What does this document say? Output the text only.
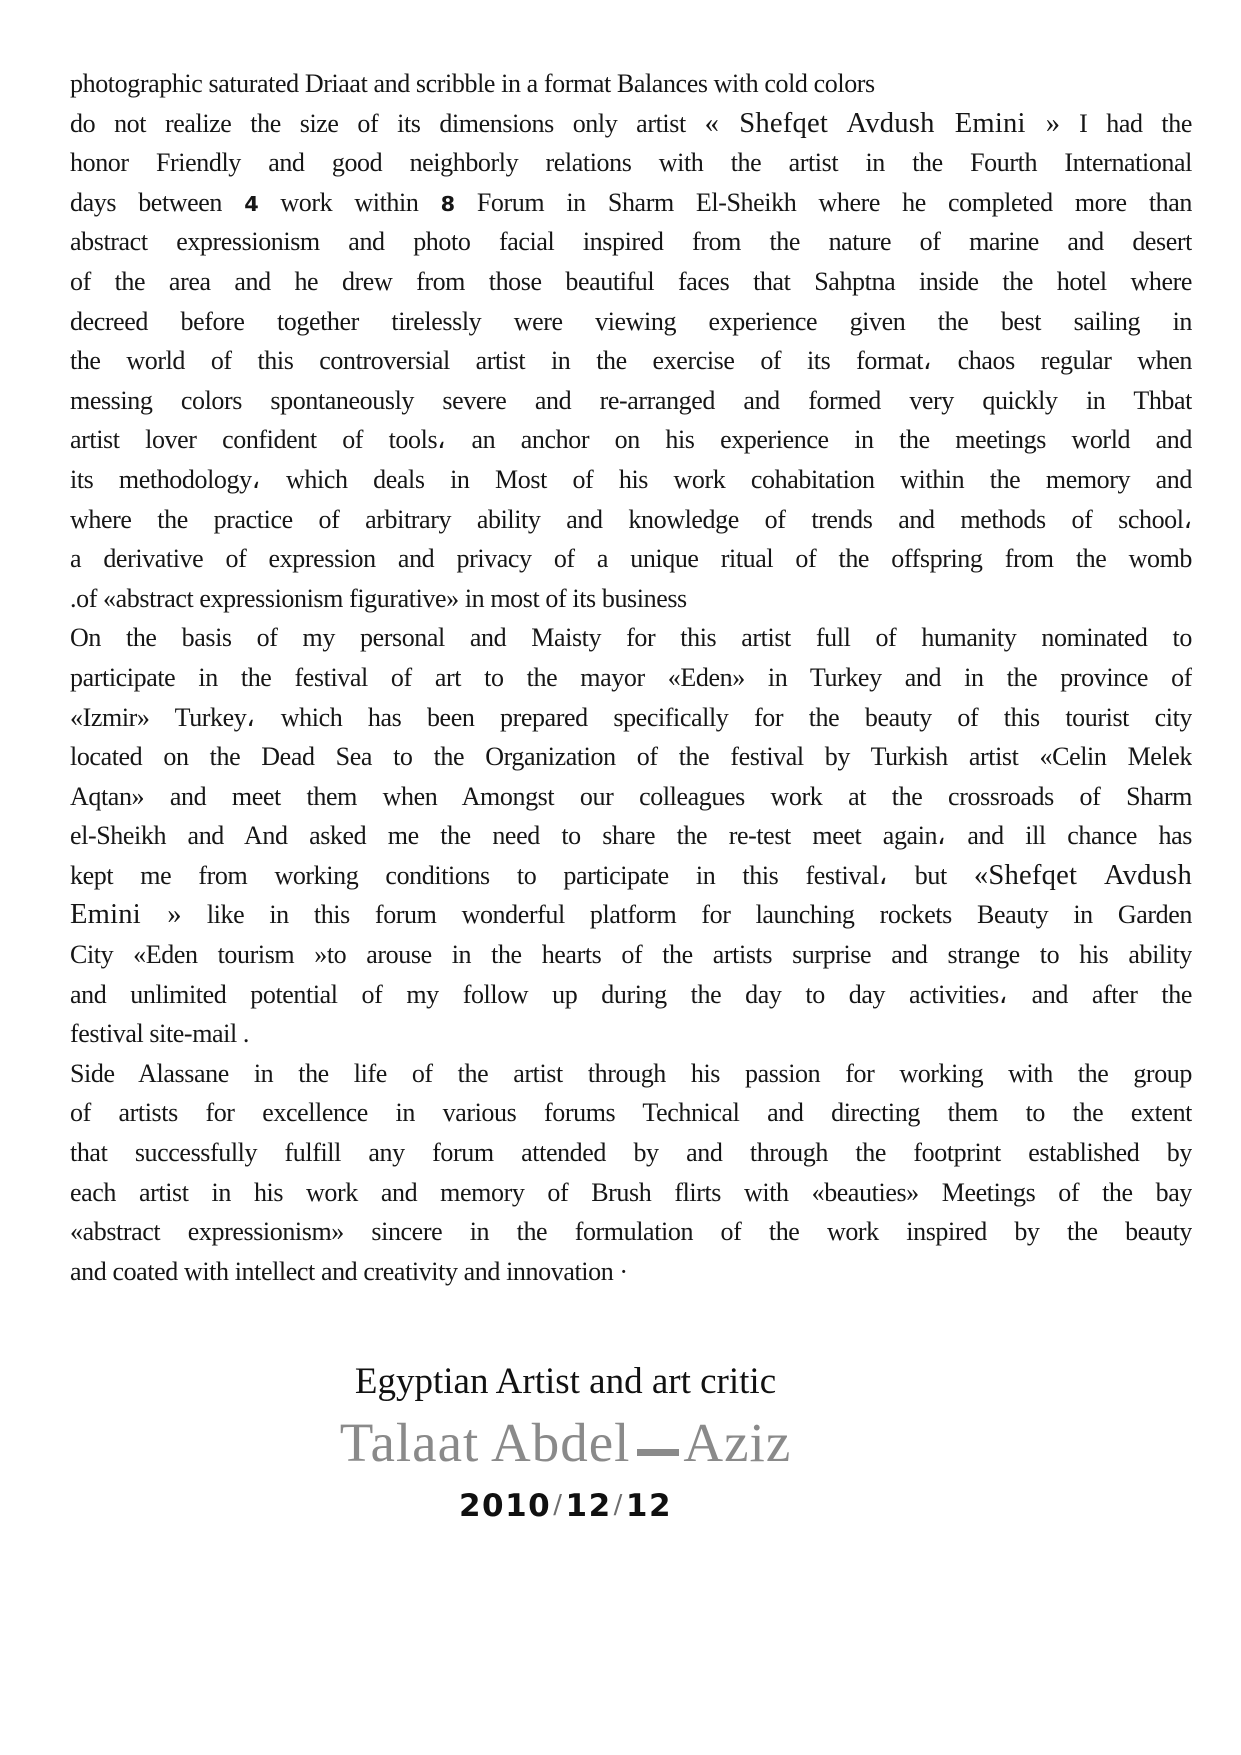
photographic saturated Driaat and scribble in a format Balances with cold colors
do not realize the size of its dimensions only artist « Shefqet Avdush Emini » I had the
honor Friendly and good neighborly relations with the artist in the Fourth International
days between 4 work within 8 Forum in Sharm El-Sheikh where he completed more than
abstract expressionism and photo facial inspired from the nature of marine and desert
of the area and he drew from those beautiful faces that Sahptna inside the hotel where
decreed before together tirelessly were viewing experience given the best sailing in
the world of this controversial artist in the exercise of its format، chaos regular when
messing colors spontaneously severe and re-arranged and formed very quickly in Thbat
artist lover confident of tools، an anchor on his experience in the meetings world and
its methodology، which deals in Most of his work cohabitation within the memory and
where the practice of arbitrary ability and knowledge of trends and methods of school،
a derivative of expression and privacy of a unique ritual of the offspring from the womb
.of «abstract expressionism figurative» in most of its business
On the basis of my personal and Maisty for this artist full of humanity nominated to
participate in the festival of art to the mayor «Eden» in Turkey and in the province of
«Izmir» Turkey، which has been prepared specifically for the beauty of this tourist city
located on the Dead Sea to the Organization of the festival by Turkish artist «Celin Melek
Aqtan» and meet them when Amongst our colleagues work at the crossroads of Sharm
el-Sheikh and And asked me the need to share the re-test meet again، and ill chance has
kept me from working conditions to participate in this festival، but «Shefqet Avdush
Emini » like in this forum wonderful platform for launching rockets Beauty in Garden
City «Eden tourism »to arouse in the hearts of the artists surprise and strange to his ability
and unlimited potential of my follow up during the day to day activities، and after the
festival site-mail .
Side Alassane in the life of the artist through his passion for working with the group
of artists for excellence in various forums Technical and directing them to the extent
that successfully fulfill any forum attended by and through the footprint established by
each artist in his work and memory of Brush flirts with «beauties» Meetings of the bay
«abstract expressionism» sincere in the formulation of the work inspired by the beauty
and coated with intellect and creativity and innovation ·
Egyptian Artist and art critic
Talaat Abdel Aziz
2010/12/12
